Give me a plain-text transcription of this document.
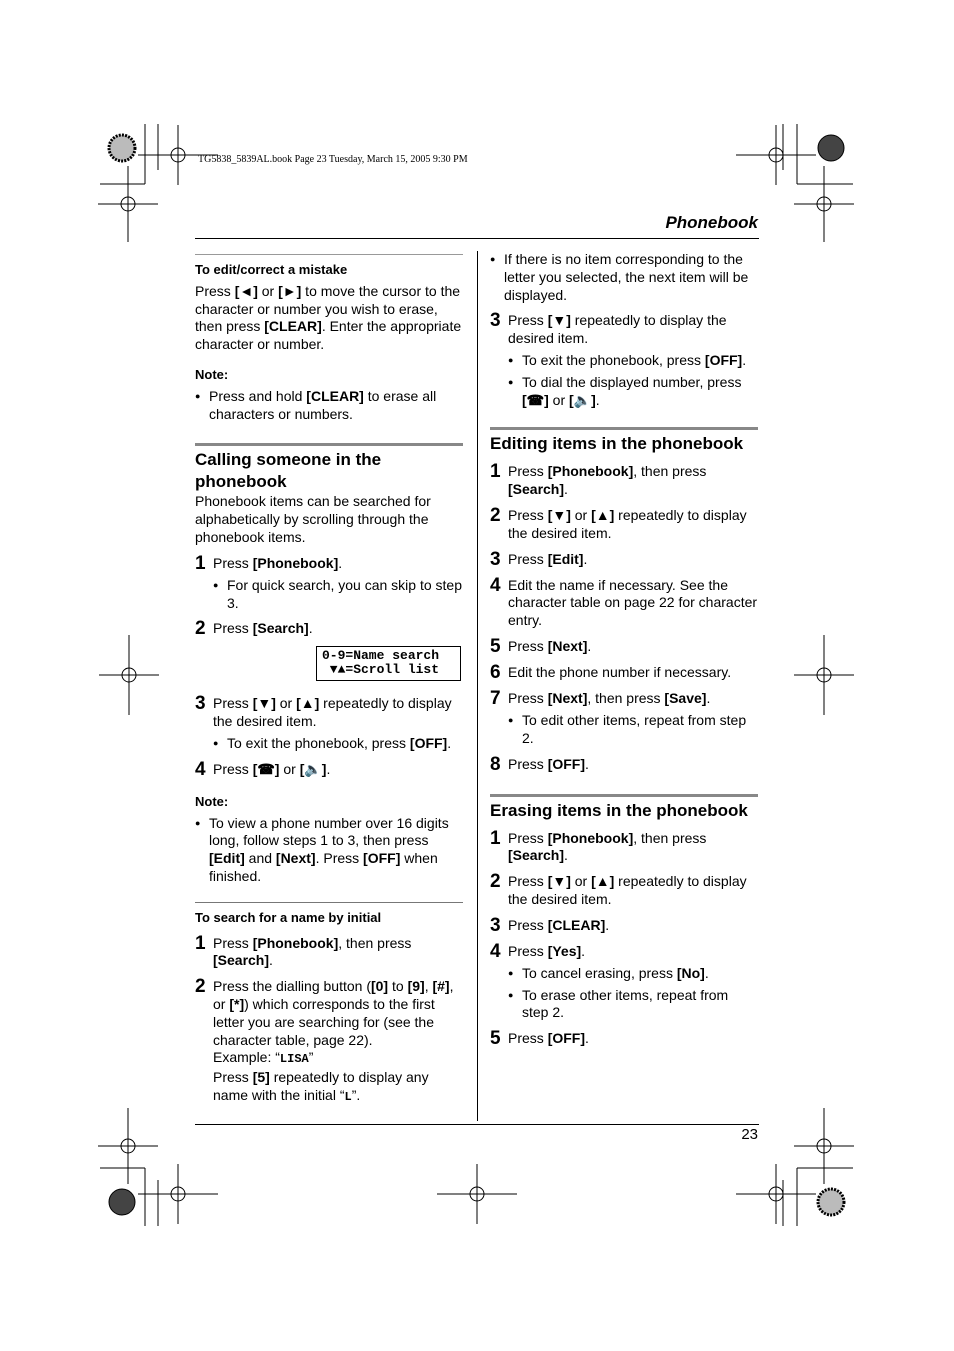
TG5838_5839AL.book Page 23 Tuesday, March 15, 2005 9:30 PM
Phonebook
23

To edit/correct a mistake

Press [◄] or [►] to move the cursor to the character or number you wish to erase, then press [CLEAR]. Enter the appropriate character or number.

Note:

● Press and hold [CLEAR] to erase all characters or numbers.

Calling someone in the phonebook

Phonebook items can be searched for alphabetically by scrolling through the phonebook items.

1 Press [Phonebook].
● For quick search, you can skip to step 3.
2 Press [Search].
0-9=Name search
▼▲=Scroll list
3 Press [▼] or [▲] repeatedly to display the desired item.
● To exit the phonebook, press [OFF].
4 Press [☎] or [🔈].

Note:

● To view a phone number over 16 digits long, follow steps 1 to 3, then press [Edit] and [Next]. Press [OFF] when finished.

To search for a name by initial

1 Press [Phonebook], then press [Search].
2 Press the dialling button ([0] to [9], [#], or [*]) which corresponds to the first letter you are searching for (see the character table, page 22).
Example: “LISA”
Press [5] repeatedly to display any name with the initial “L”.
● If there is no item corresponding to the letter you selected, the next item will be displayed.
3 Press [▼] repeatedly to display the desired item.
● To exit the phonebook, press [OFF].
● To dial the displayed number, press [☎] or [🔈].

Editing items in the phonebook

1 Press [Phonebook], then press [Search].
2 Press [▼] or [▲] repeatedly to display the desired item.
3 Press [Edit].
4 Edit the name if necessary. See the character table on page 22 for character entry.
5 Press [Next].
6 Edit the phone number if necessary.
7 Press [Next], then press [Save].
● To edit other items, repeat from step 2.
8 Press [OFF].

Erasing items in the phonebook

1 Press [Phonebook], then press [Search].
2 Press [▼] or [▲] repeatedly to display the desired item.
3 Press [CLEAR].
4 Press [Yes].
● To cancel erasing, press [No].
● To erase other items, repeat from step 2.
5 Press [OFF].
